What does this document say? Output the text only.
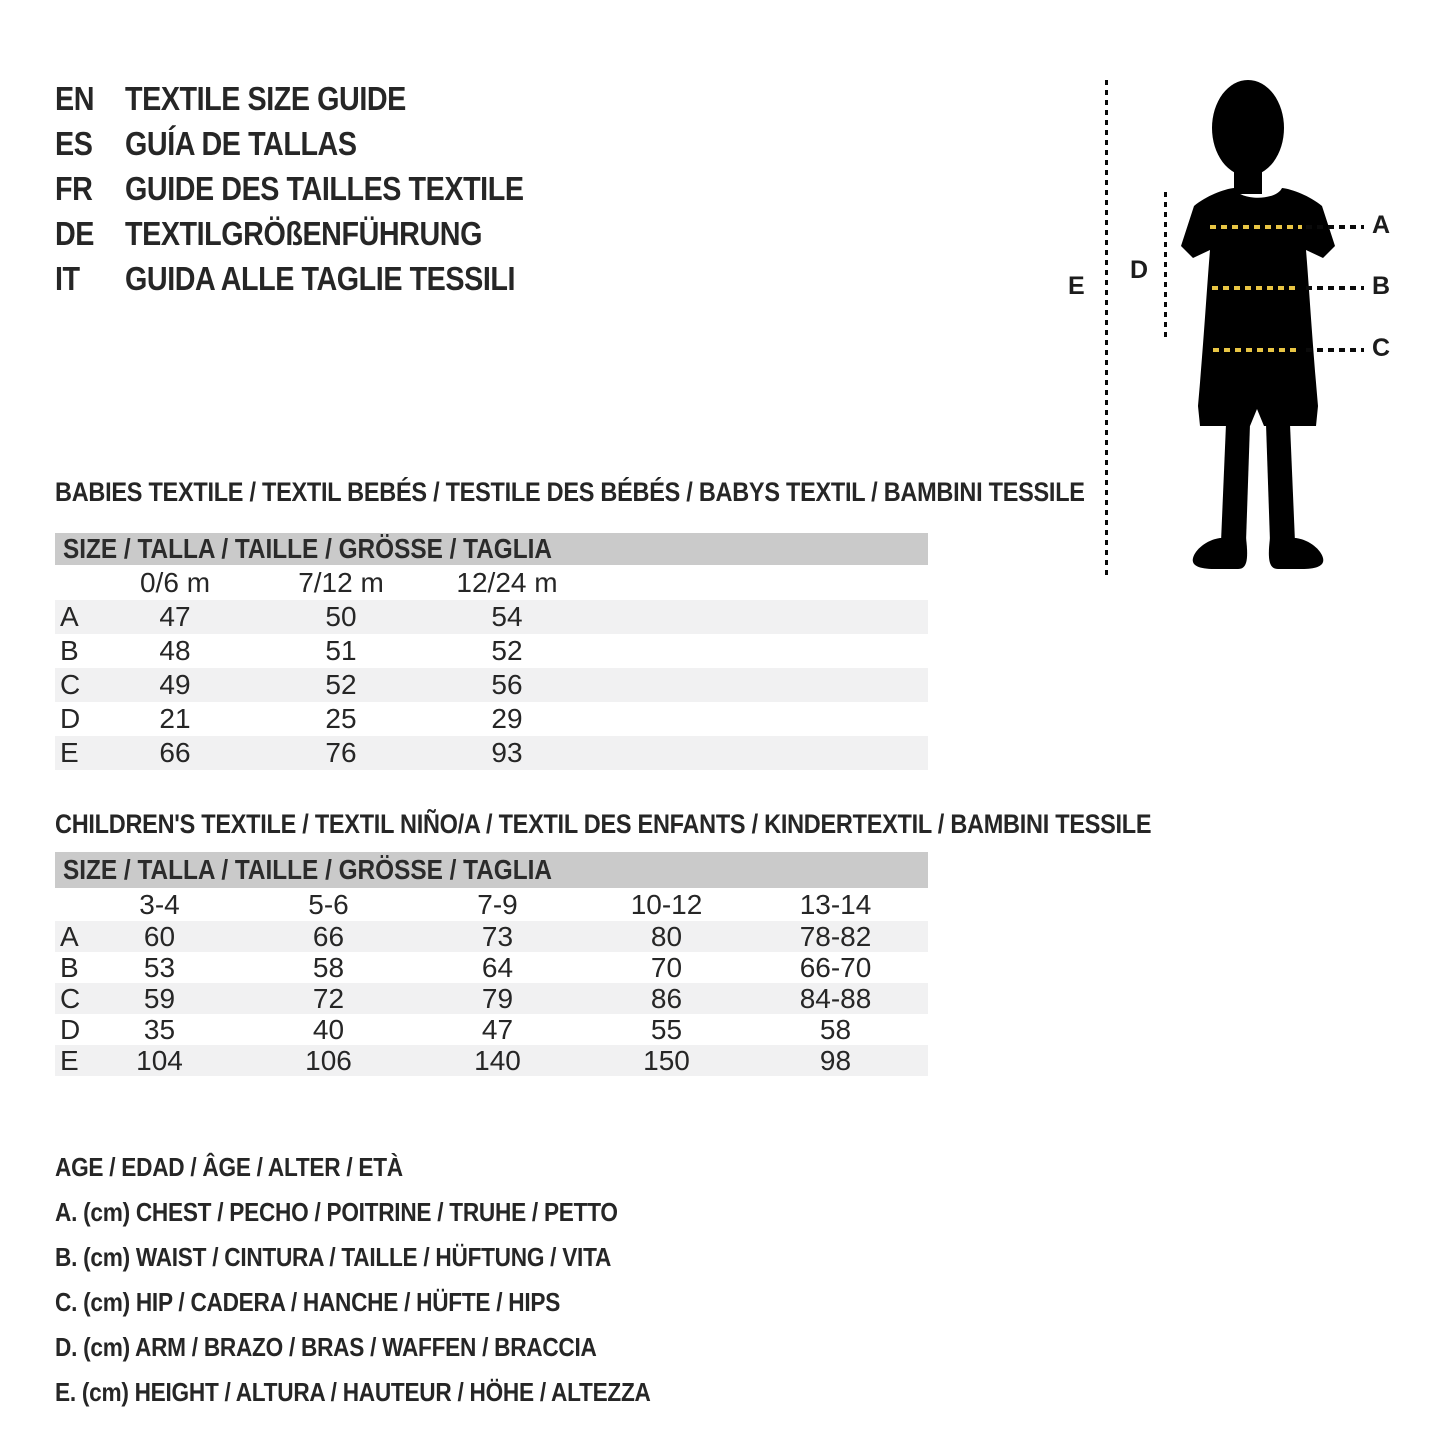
EN TEXTILE SIZE GUIDE
ES GUÍA DE TALLAS
FR GUIDE DES TAILLES TEXTILE
DE TEXTILGRÖßENFÜHRUNG
IT	GUIDA ALLE TAGLIE TESSILI	E
D
A
B
C
BABIES TEXTILE / TEXTIL BEBÉS / TESTILE DES BÉBÉS / BABYS TEXTIL / BAMBINI TESSILE
SIZE / TALLA / TAILLE / GRÖSSE / TAGLIA
0/6 m	7/12 m	12/24 m
A	47	50	54
B	48	51	52
C	49	52	56
D	21	25	29
E	66	76	93
CHILDREN'S TEXTILE / TEXTIL NIÑO/A / TEXTIL DES ENFANTS / KINDERTEXTIL / BAMBINI TESSILE
SIZE / TALLA / TAILLE / GRÖSSE / TAGLIA
3-4	5-6	7-9	10-12	13-14
A	60	66	73	80	78-82
B	53	58	64	70	66-70
C	59	72	79	86	84-88
D	35	40	47	55	58
E	104	106	140	150	98
AGE / EDAD / ÂGE / ALTER / ETÀ
A. (cm) CHEST / PECHO / POITRINE / TRUHE / PETTO
B. (cm) WAIST / CINTURA / TAILLE / HÜFTUNG / VITA
C. (cm) HIP / CADERA / HANCHE / HÜFTE / HIPS
D. (cm) ARM / BRAZO / BRAS / WAFFEN / BRACCIA
E. (cm) HEIGHT / ALTURA / HAUTEUR / HÖHE / ALTEZZA
